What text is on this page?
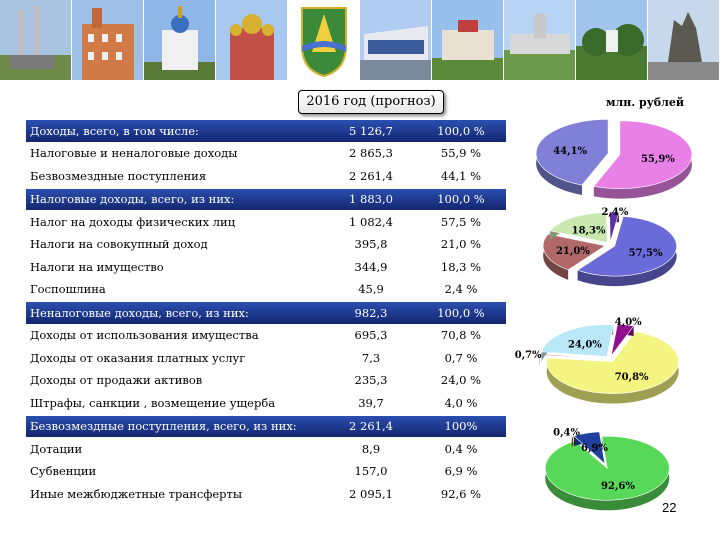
2016 год (прогноз)	млн. рублей
Доходы, всего, в том числе:	5 126,7	100,0 %
Налоговые и неналоговые доходы	2 865,3	55,9 %
Безвозмездные поступления	2 261,4	44,1 %
Налоговые доходы, всего, из них:	1 883,0	100,0 %
Налог на доходы физических лиц	1 082,4	57,5 %
Налоги на совокупный доход	395,8	21,0 %
Налоги на имущество	344,9	18,3 %
Госпошлина	45,9	2,4 %
Неналоговые доходы, всего, из них:	982,3	100,0 %
Доходы от использования имущества	695,3	70,8 %
Доходы от оказания платных услуг	7,3	0,7 %
Доходы от продажи активов	235,3	24,0 %
Штрафы, санкции , возмещение ущерба	39,7	4,0 %
Безвозмездные поступления, всего, из них:	2 261,4	100%
Дотации	8,9	0,4 %
Субвенции	157,0	6,9 %
Иные межбюджетные трансферты	2 095,1	92,6 %
55,9%
44,1%
57,5%
21,0%
18,3%
2,4%
70,8%
0,7%
24,0%
4,0%
92,6%
0,4%
6,9%
22
